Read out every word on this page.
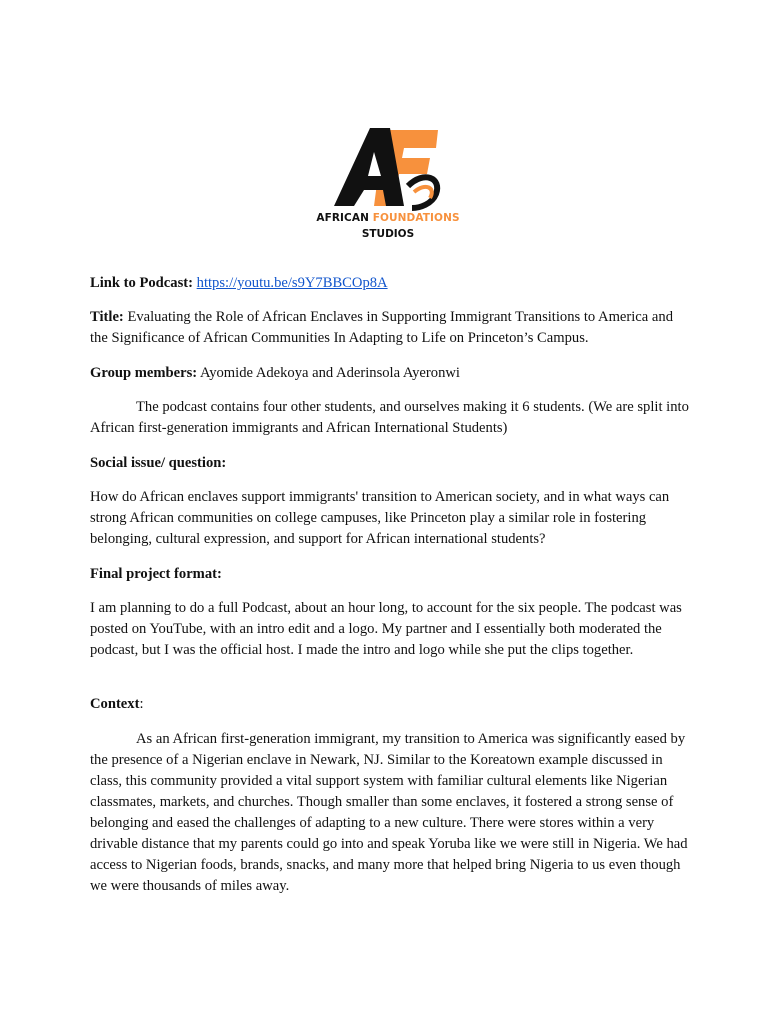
AFRICAN FOUNDATIONS
STUDIOS
Link to Podcast: https://youtu.be/s9Y7BBCOp8A
Title: Evaluating the Role of African Enclaves in Supporting Immigrant Transitions to America and the Significance of African Communities In Adapting to Life on Princeton’s Campus.
Group members: Ayomide Adekoya and Aderinsola Ayeronwi
The podcast contains four other students, and ourselves making it 6 students. (We are split into African first-generation immigrants and African International Students)
Social issue/ question:
How do African enclaves support immigrants' transition to American society, and in what ways can strong African communities on college campuses, like Princeton play a similar role in fostering belonging, cultural expression, and support for African international students?
Final project format:
I am planning to do a full Podcast, about an hour long, to account for the six people. The podcast was posted on YouTube, with an intro edit and a logo. My partner and I essentially both moderated the podcast, but I was the official host. I made the intro and logo while she put the clips together.
Context:
As an African first-generation immigrant, my transition to America was significantly eased by the presence of a Nigerian enclave in Newark, NJ. Similar to the Koreatown example discussed in class, this community provided a vital support system with familiar cultural elements like Nigerian classmates, markets, and churches. Though smaller than some enclaves, it fostered a strong sense of belonging and eased the challenges of adapting to a new culture. There were stores within a very drivable distance that my parents could go into and speak Yoruba like we were still in Nigeria. We had access to Nigerian foods, brands, snacks, and many more that helped bring Nigeria to us even though we were thousands of miles away.
